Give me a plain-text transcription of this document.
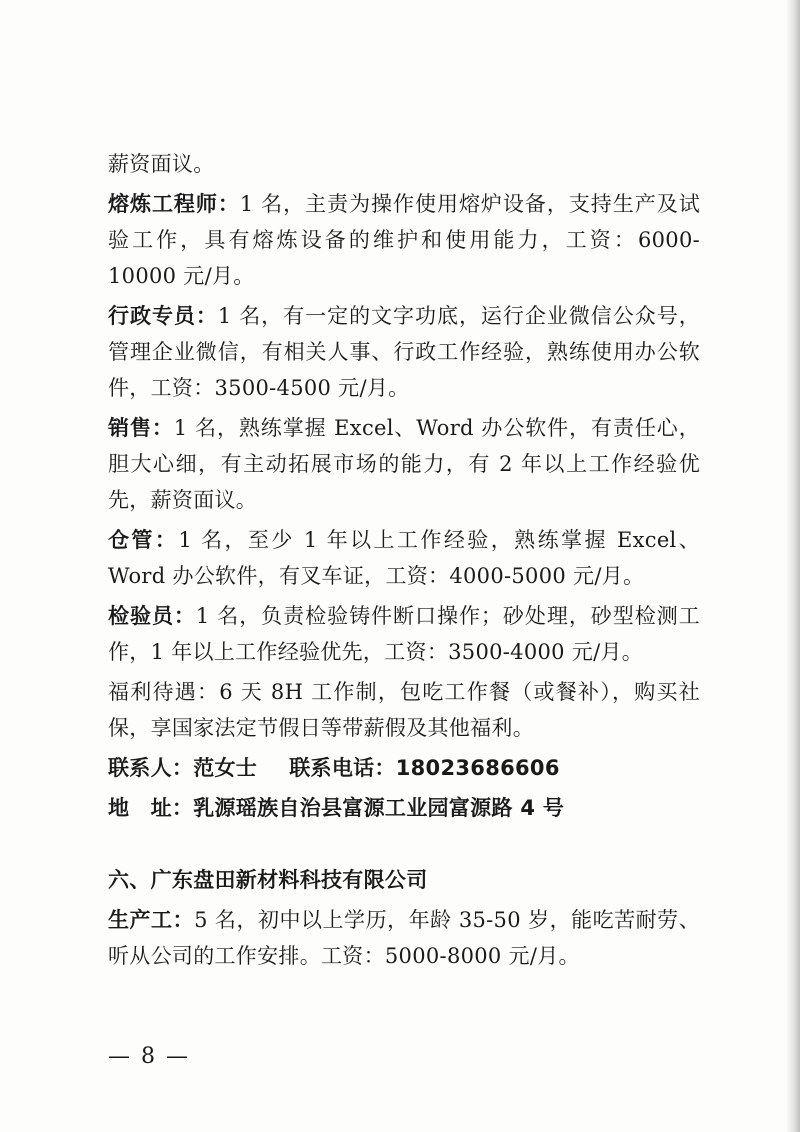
薪资面议。

熔炼工程师：1 名，主责为操作使用熔炉设备，支持生产及试验工作，具有熔炼设备的维护和使用能力，工资：6000-10000 元/月。

行政专员：1 名，有一定的文字功底，运行企业微信公众号，管理企业微信，有相关人事、行政工作经验，熟练使用办公软件，工资：3500-4500 元/月。

销售：1 名，熟练掌握 Excel、Word 办公软件，有责任心，胆大心细，有主动拓展市场的能力，有 2 年以上工作经验优先，薪资面议。

仓管：1 名，至少 1 年以上工作经验，熟练掌握 Excel、Word 办公软件，有叉车证，工资：4000-5000 元/月。

检验员：1 名，负责检验铸件断口操作；砂处理，砂型检测工作，1 年以上工作经验优先，工资：3500-4000 元/月。

福利待遇：6 天 8H 工作制，包吃工作餐（或餐补），购买社保，享国家法定节假日等带薪假及其他福利。

联系人：范女士　  联系电话：18023686606

地　址：乳源瑶族自治县富源工业园富源路 4 号

六、广东盘田新材料科技有限公司

生产工：5 名，初中以上学历，年龄 35-50 岁，能吃苦耐劳、听从公司的工作安排。工资：5000-8000 元/月。

— 8 —
